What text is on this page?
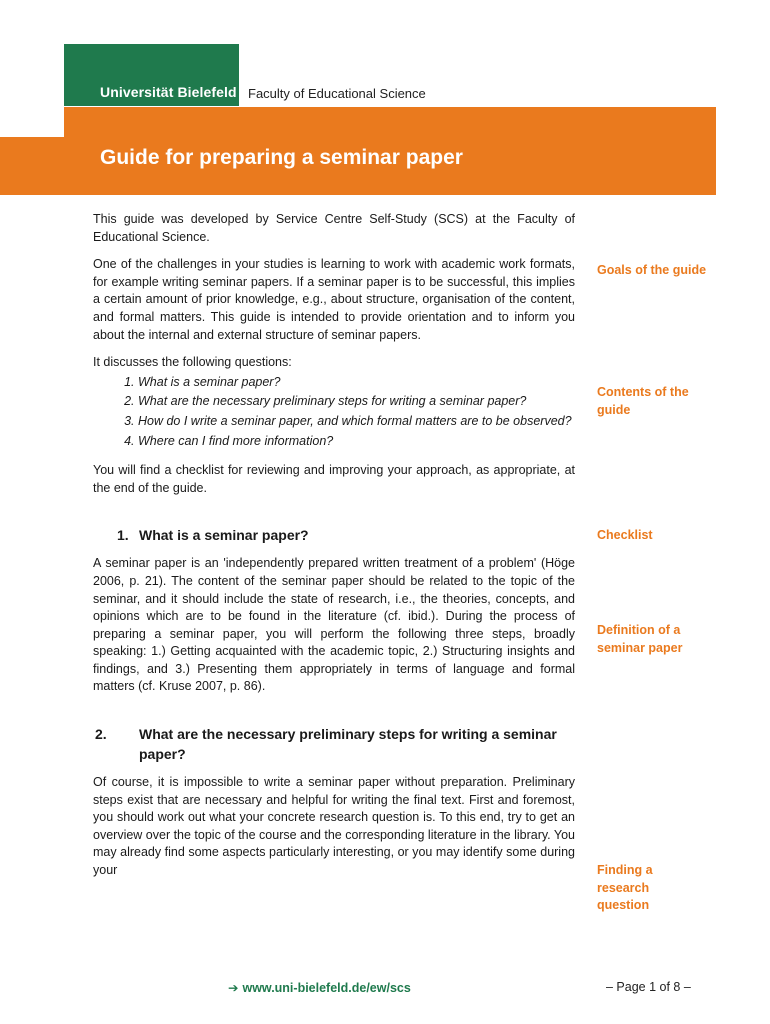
Universität Bielefeld Faculty of Educational Science
Guide for preparing a seminar paper

This guide was developed by Service Centre Self-Study (SCS) at the Faculty of Educational Science.

One of the challenges in your studies is learning to work with academic work formats, for example writing seminar papers. If a seminar paper is to be successful, this implies a certain amount of prior knowledge, e.g., about structure, organisation of the content, and formal matters. This guide is intended to provide orientation and to inform you about the internal and external structure of seminar papers.

It discusses the following questions:

1. What is a seminar paper?
2. What are the necessary preliminary steps for writing a seminar paper?
3. How do I write a seminar paper, and which formal matters are to be observed?
4. Where can I find more information?

You will find a checklist for reviewing and improving your approach, as appropriate, at the end of the guide.

1. What is a seminar paper?

A seminar paper is an 'independently prepared written treatment of a problem' (Höge 2006, p. 21). The content of the seminar paper should be related to the topic of the seminar, and it should include the state of research, i.e., the theories, concepts, and opinions which are to be found in the literature (cf. ibid.). During the process of preparing a seminar paper, you will perform the following three steps, broadly speaking: 1.) Getting acquainted with the academic topic, 2.) Structuring insights and findings, and 3.) Presenting them appropriately in terms of language and formal matters (cf. Kruse 2007, p. 86).

2. What are the necessary preliminary steps for writing a seminar paper?

Of course, it is impossible to write a seminar paper without preparation. Preliminary steps exist that are necessary and helpful for writing the final text. First and foremost, you should work out what your concrete research question is. To this end, try to get an overview over the topic of the course and the corresponding literature in the library. You may already find some aspects particularly interesting, or you may identify some during your

Goals of the guide
Contents of the guide
Checklist
Definition of a seminar paper
Finding a research question
➔ www.uni-bielefeld.de/ew/scs	– Page 1 of 8 –
